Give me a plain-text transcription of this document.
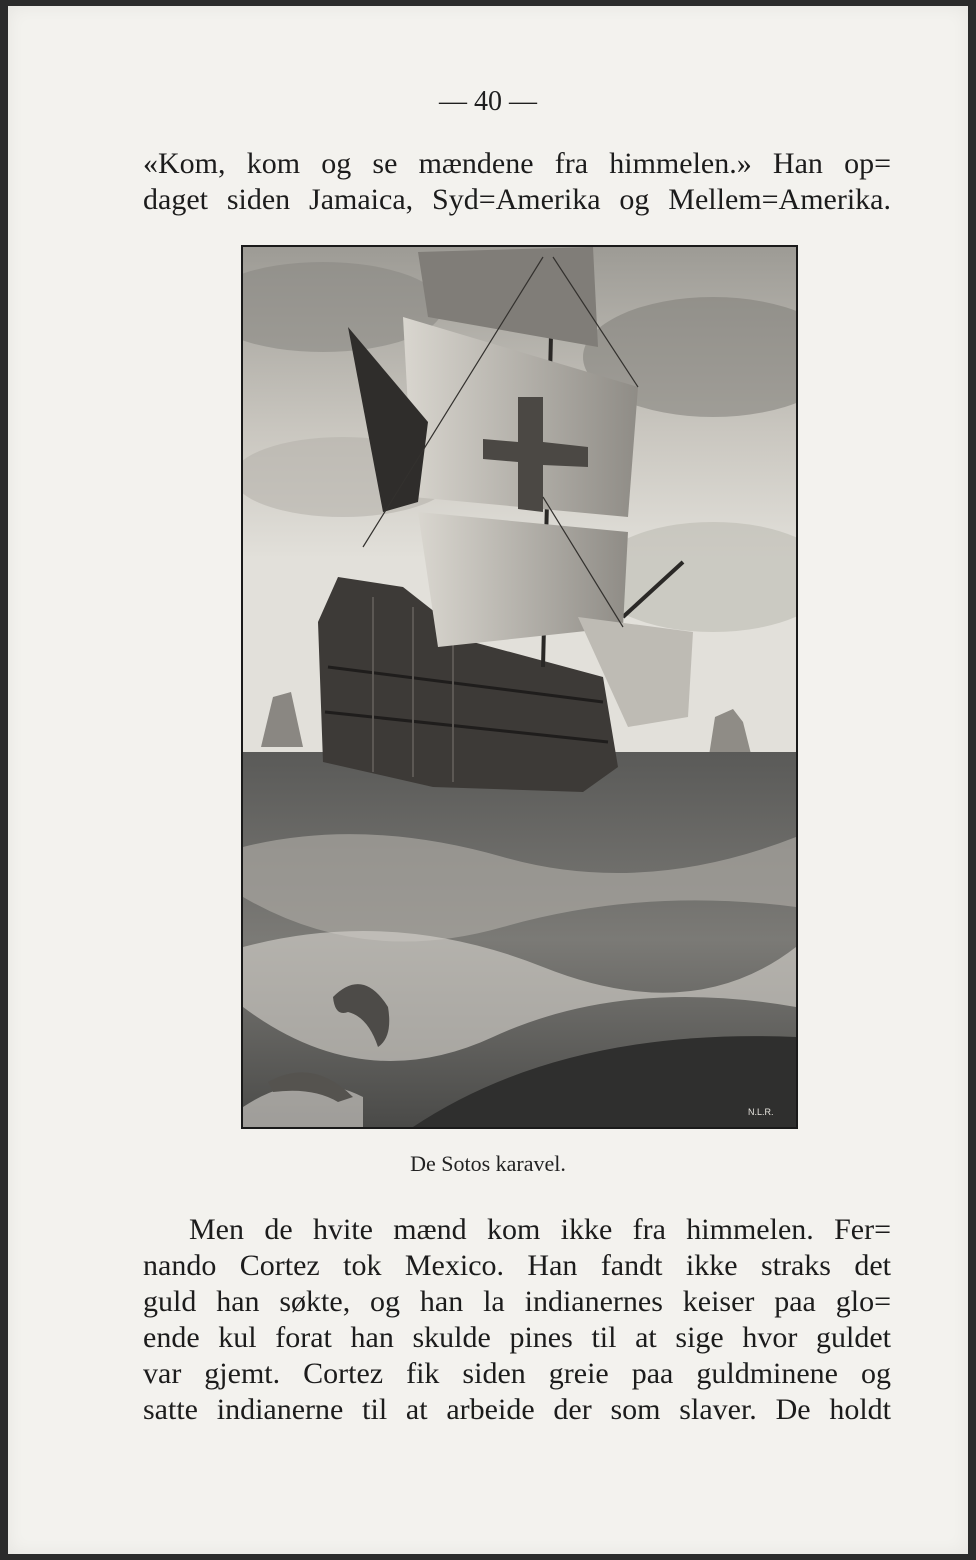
— 40 —
«Kom, kom og se mændene fra himmelen.» Han op=
daget siden Jamaica, Syd=Amerika og Mellem=Amerika.
N.L.R.
De Sotos karavel.
Men de hvite mænd kom ikke fra himmelen. Fer=
nando Cortez tok Mexico. Han fandt ikke straks det
guld han søkte, og han la indianernes keiser paa glo=
ende kul forat han skulde pines til at sige hvor guldet
var gjemt. Cortez fik siden greie paa guldminene og
satte indianerne til at arbeide der som slaver. De holdt
